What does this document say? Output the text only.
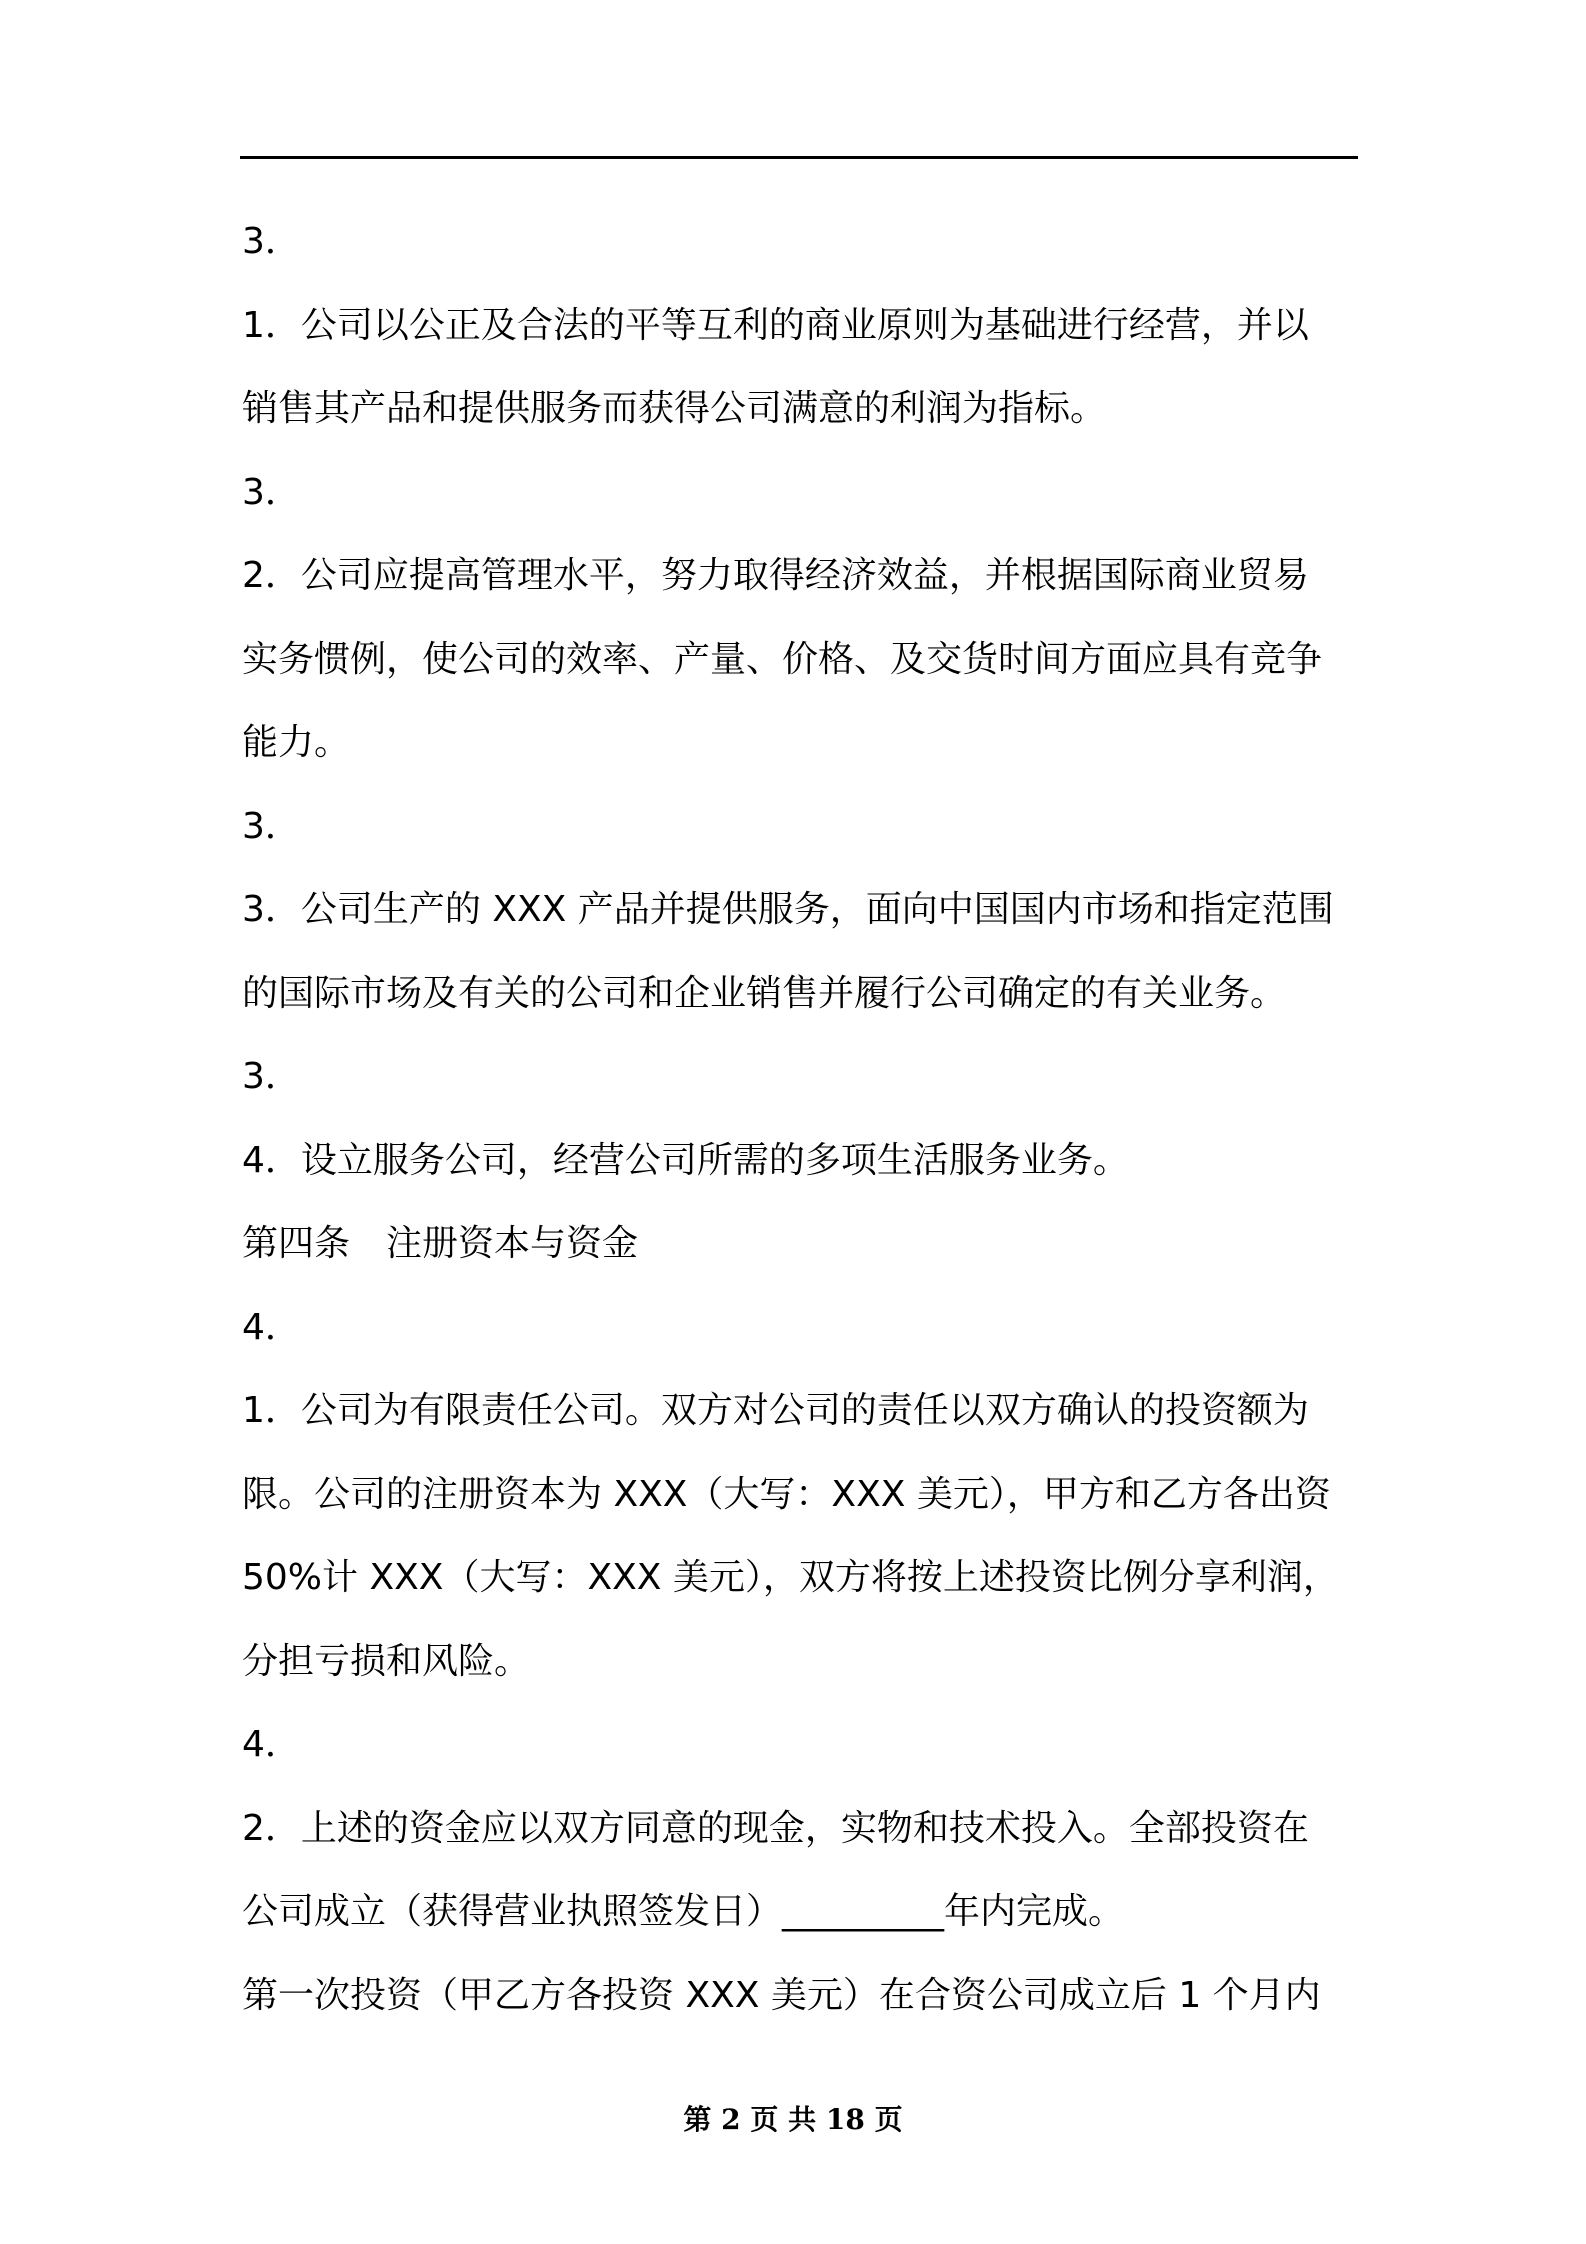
3．
1．公司以公正及合法的平等互利的商业原则为基础进行经营，并以
销售其产品和提供服务而获得公司满意的利润为指标。
3．
2．公司应提高管理水平，努力取得经济效益，并根据国际商业贸易
实务惯例，使公司的效率、产量、价格、及交货时间方面应具有竞争
能力。
3．
3．公司生产的 XXX 产品并提供服务，面向中国国内市场和指定范围
的国际市场及有关的公司和企业销售并履行公司确定的有关业务。
3．
4．设立服务公司，经营公司所需的多项生活服务业务。
第四条　注册资本与资金
4．
1．公司为有限责任公司。双方对公司的责任以双方确认的投资额为
限。公司的注册资本为 XXX（大写：XXX 美元），甲方和乙方各出资
50%计 XXX（大写：XXX 美元），双方将按上述投资比例分享利润，
分担亏损和风险。
4．
2．上述的资金应以双方同意的现金，实物和技术投入。全部投资在
公司成立（获得营业执照签发日）_________年内完成。
第一次投资（甲乙方各投资 XXX 美元）在合资公司成立后 1 个月内
第 2 页 共 18 页
